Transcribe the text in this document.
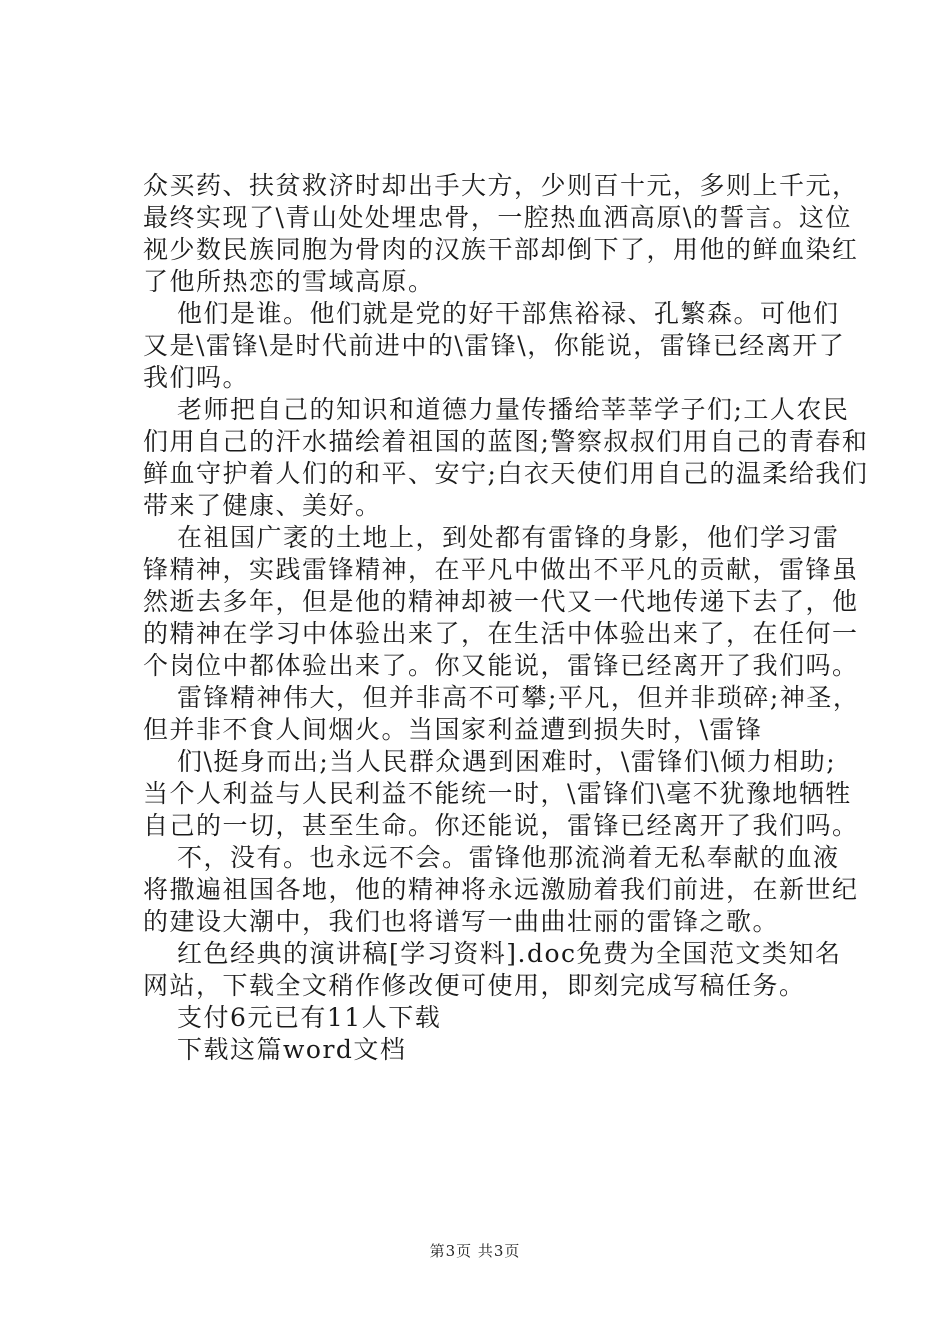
众买药、扶贫救济时却出手大方，少则百十元，多则上千元，
最终实现了\青山处处埋忠骨，一腔热血洒高原\的誓言。这位
视少数民族同胞为骨肉的汉族干部却倒下了，用他的鲜血染红
了他所热恋的雪域高原。
他们是谁。他们就是党的好干部焦裕禄、孔繁森。可他们
又是\雷锋\是时代前进中的\雷锋\，你能说，雷锋已经离开了
我们吗。
老师把自己的知识和道德力量传播给莘莘学子们;工人农民
们用自己的汗水描绘着祖国的蓝图;警察叔叔们用自己的青春和
鲜血守护着人们的和平、安宁;白衣天使们用自己的温柔给我们
带来了健康、美好。
在祖国广袤的土地上，到处都有雷锋的身影，他们学习雷
锋精神，实践雷锋精神，在平凡中做出不平凡的贡献，雷锋虽
然逝去多年，但是他的精神却被一代又一代地传递下去了，他
的精神在学习中体验出来了，在生活中体验出来了，在任何一
个岗位中都体验出来了。你又能说，雷锋已经离开了我们吗。
雷锋精神伟大，但并非高不可攀;平凡，但并非琐碎;神圣，
但并非不食人间烟火。当国家利益遭到损失时，\雷锋
们\挺身而出;当人民群众遇到困难时，\雷锋们\倾力相助;
当个人利益与人民利益不能统一时，\雷锋们\毫不犹豫地牺牲
自己的一切，甚至生命。你还能说，雷锋已经离开了我们吗。
不，没有。也永远不会。雷锋他那流淌着无私奉献的血液
将撒遍祖国各地，他的精神将永远激励着我们前进，在新世纪
的建设大潮中，我们也将谱写一曲曲壮丽的雷锋之歌。
红色经典的演讲稿[学习资料].doc免费为全国范文类知名
网站，下载全文稍作修改便可使用，即刻完成写稿任务。
支付6元已有11人下载
下载这篇word文档
第3页 共3页
